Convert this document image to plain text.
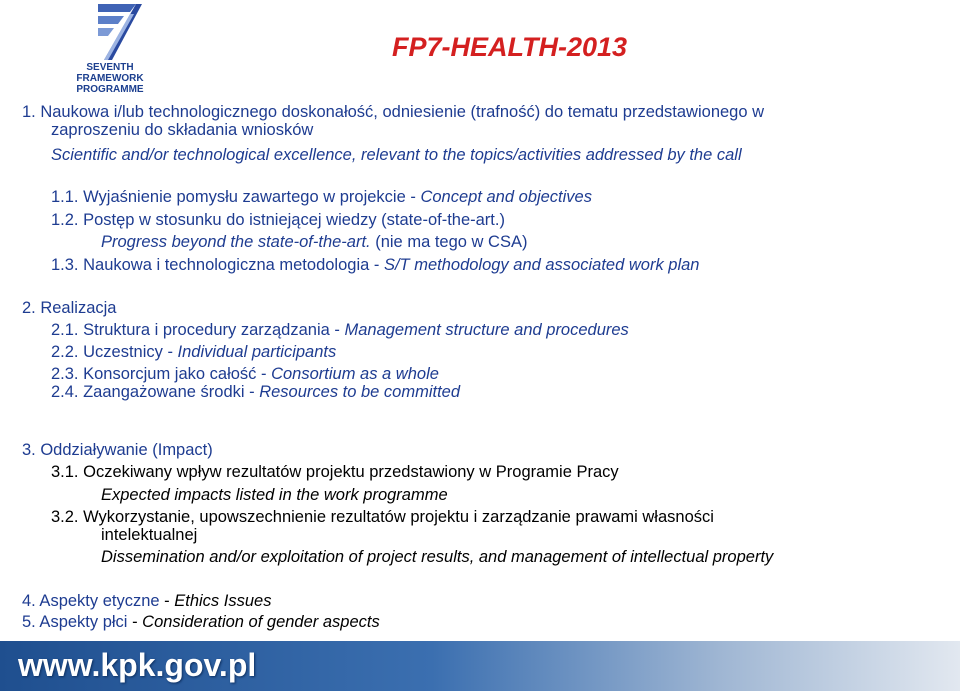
SEVENTH FRAMEWORK
PROGRAMME
FP7-HEALTH-2013
1. Naukowa i/lub technologicznego doskonałość, odniesienie (trafność) do tematu przedstawionego w
zaproszeniu do składania wniosków
Scientific and/or technological excellence, relevant to the topics/activities addressed by the call
1.1. Wyjaśnienie pomysłu zawartego w projekcie - Concept and objectives
1.2. Postęp w stosunku do istniejącej wiedzy (state-of-the-art.)
Progress beyond the state-of-the-art. (nie ma tego w CSA)
1.3. Naukowa i technologiczna metodologia - S/T methodology and associated work plan
2. Realizacja
2.1. Struktura i procedury zarządzania - Management structure and procedures
2.2. Uczestnicy - Individual participants
2.3. Konsorcjum jako całość - Consortium as a whole
2.4. Zaangażowane środki - Resources to be committed
3. Oddziaływanie (Impact)
3.1. Oczekiwany wpływ rezultatów projektu przedstawiony w Programie Pracy
Expected impacts listed in the work programme
3.2. Wykorzystanie, upowszechnienie rezultatów projektu i zarządzanie prawami własności
intelektualnej
Dissemination and/or exploitation of project results, and management of intellectual property
4. Aspekty etyczne - Ethics Issues
5. Aspekty płci - Consideration of gender aspects
www.kpk.gov.pl
